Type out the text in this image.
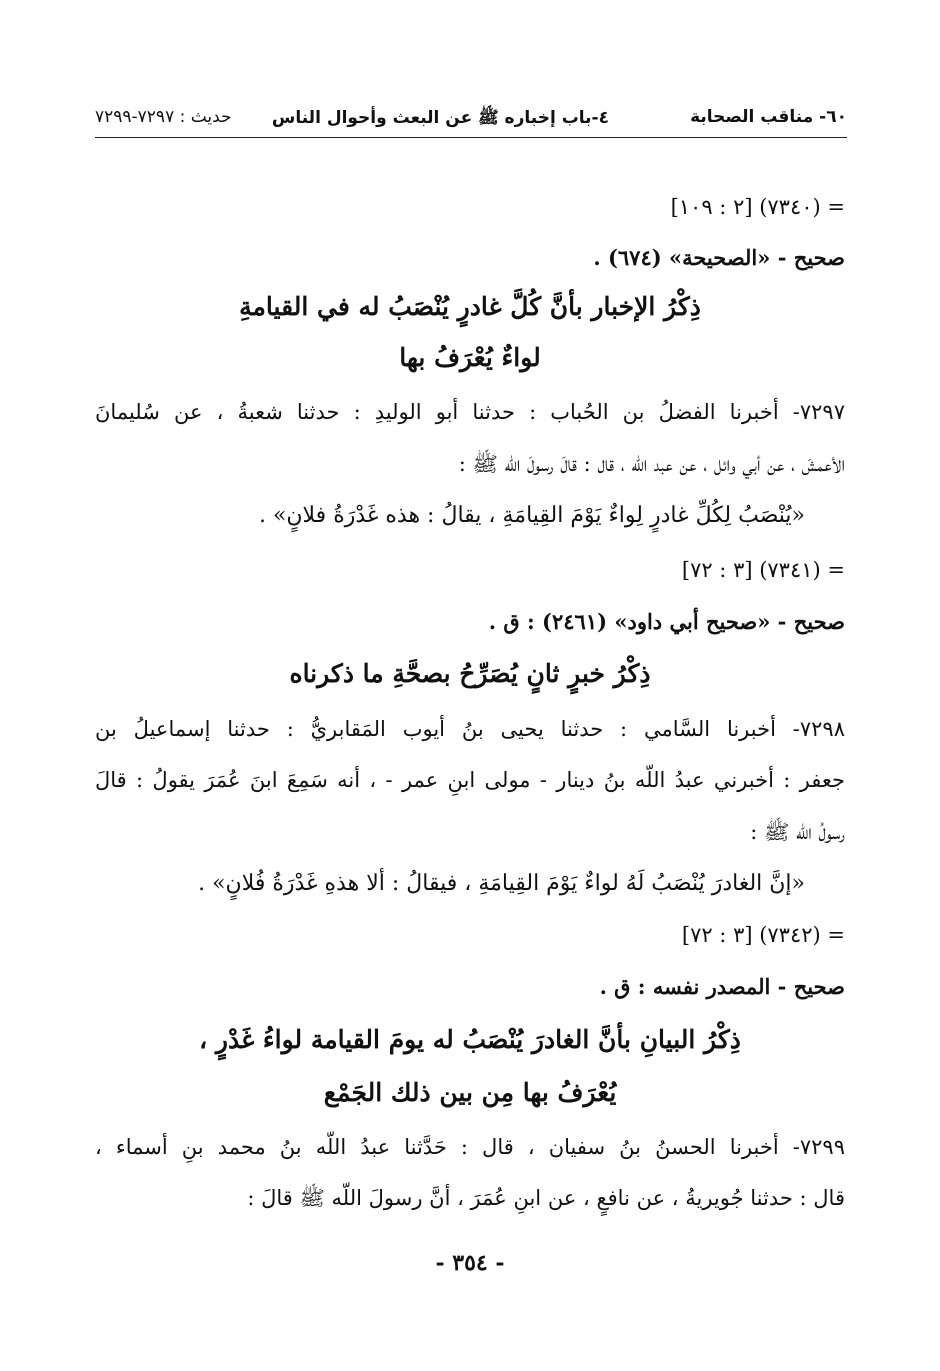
٦٠- مناقب الصحابة
٤-باب إخباره ﷺ عن البعث وأحوال الناس
حديث : ٧٢٩٧-٧٢٩٩
= (٧٣٤٠) [٢ : ١٠٩]
صحيح - «الصحيحة» (٦٧٤) .
ذِكْرُ الإخبار بأنَّ كُلَّ غادرٍ يُنْصَبُ له في القيامةِ
لواءٌ يُعْرَفُ بها
٧٢٩٧- أخبرنا الفضلُ بن الحُباب : حدثنا أبو الوليدِ : حدثنا شعبةُ ، عن سُليمانَ
الأعمشَ ، عن أبي وائل ، عن عبد اللّه ، قال : قالَ رسولَ اللّه ﷺ :
«يُنْصَبُ لِكُلِّ غادرٍ لِواءٌ يَوْمَ القِيامَةِ ، يقالُ : هذه غَدْرَةُ فلانٍ» .
= (٧٣٤١) [٣ : ٧٢]
صحيح - «صحيح أبي داود» (٢٤٦١) : ق .
ذِكْرُ خبرٍ ثانٍ يُصَرِّحُ بصحَّةِ ما ذكرناه
٧٢٩٨- أخبرنا السَّامي : حدثنا يحيى بنُ أيوب المَقابريُّ : حدثنا إسماعيلُ بن
جعفر : أخبرني عبدُ اللّه بنُ دينار - مولى ابنِ عمر - ، أنه سَمِعَ ابنَ عُمَرَ يقولُ : قالَ
رسولُ اللّه ﷺ :
«إنَّ الغادرَ يُنْصَبُ لَهُ لواءٌ يَوْمَ القِيامَةِ ، فيقالُ : ألا هذهِ غَدْرَةُ فُلانٍ» .
= (٧٣٤٢) [٣ : ٧٢]
صحيح - المصدر نفسه : ق .
ذِكْرُ البيانِ بأنَّ الغادرَ يُنْصَبُ له يومَ القيامة لواءُ غَدْرٍ ،
يُعْرَفُ بها مِن بين ذلك الجَمْع
٧٢٩٩- أخبرنا الحسنُ بنُ سفيان ، قال : حَدَّثنا عبدُ اللّه بنُ محمد بنِ أسماء ،
قال : حدثنا جُويريةُ ، عن نافعٍ ، عن ابنِ عُمَرَ ، أنَّ رسولَ اللّه ﷺ قالَ :
- ٣٥٤ -
